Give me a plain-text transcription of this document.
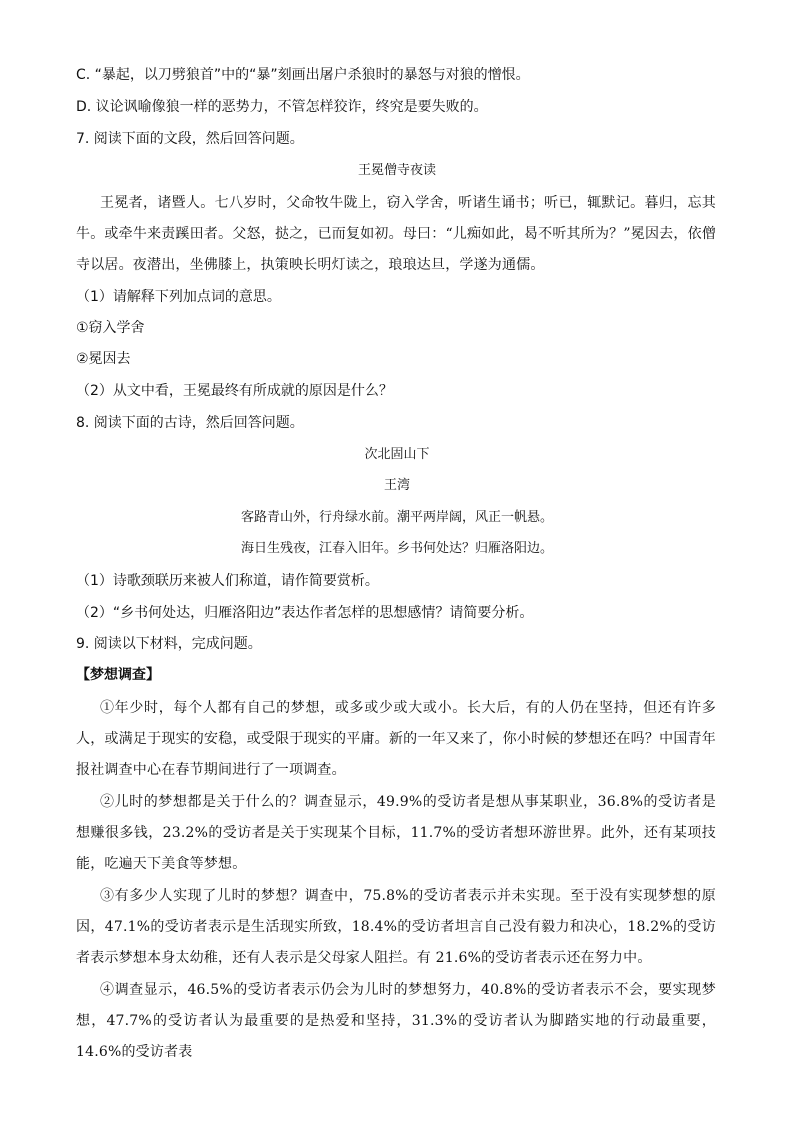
C. “暴起，以刀劈狼首”中的“暴”刻画出屠户杀狼时的暴怒与对狼的憎恨。
D. 议论讽喻像狼一样的恶势力，不管怎样狡诈，终究是要失败的。
7. 阅读下面的文段，然后回答问题。
王冕僧寺夜读
王冕者，诸暨人。七八岁时，父命牧牛陇上，窃入学舍，听诸生诵书；听已，辄默记。暮归，忘其牛。或牵牛来责蹊田者。父怒，挞之，已而复如初。母曰：“儿痴如此，曷不听其所为？”冕因去，依僧寺以居。夜潜出，坐佛膝上，执策映长明灯读之，琅琅达旦，学遂为通儒。
（1）请解释下列加点词的意思。
①窃入学舍
②冕因去
（2）从文中看，王冕最终有所成就的原因是什么？
8. 阅读下面的古诗，然后回答问题。
次北固山下
王湾
客路青山外，行舟绿水前。潮平两岸阔，风正一帆悬。
海日生残夜，江春入旧年。乡书何处达？归雁洛阳边。
（1）诗歌颈联历来被人们称道，请作简要赏析。
（2）“乡书何处达，归雁洛阳边”表达作者怎样的思想感情？请简要分析。
9. 阅读以下材料，完成问题。
【梦想调查】
①年少时，每个人都有自己的梦想，或多或少或大或小。长大后，有的人仍在坚持，但还有许多人，或满足于现实的安稳，或受限于现实的平庸。新的一年又来了，你小时候的梦想还在吗？中国青年报社调查中心在春节期间进行了一项调查。
②儿时的梦想都是关于什么的？调查显示，49.9%的受访者是想从事某职业，36.8%的受访者是想赚很多钱，23.2%的受访者是关于实现某个目标，11.7%的受访者想环游世界。此外，还有某项技能，吃遍天下美食等梦想。
③有多少人实现了儿时的梦想？调查中，75.8%的受访者表示并未实现。至于没有实现梦想的原因，47.1%的受访者表示是生活现实所致，18.4%的受访者坦言自己没有毅力和决心，18.2%的受访者表示梦想本身太幼稚，还有人表示是父母家人阻拦。有 21.6%的受访者表示还在努力中。
④调查显示，46.5%的受访者表示仍会为儿时的梦想努力，40.8%的受访者表示不会，要实现梦想，47.7%的受访者认为最重要的是热爱和坚持，31.3%的受访者认为脚踏实地的行动最重要，14.6%的受访者表
